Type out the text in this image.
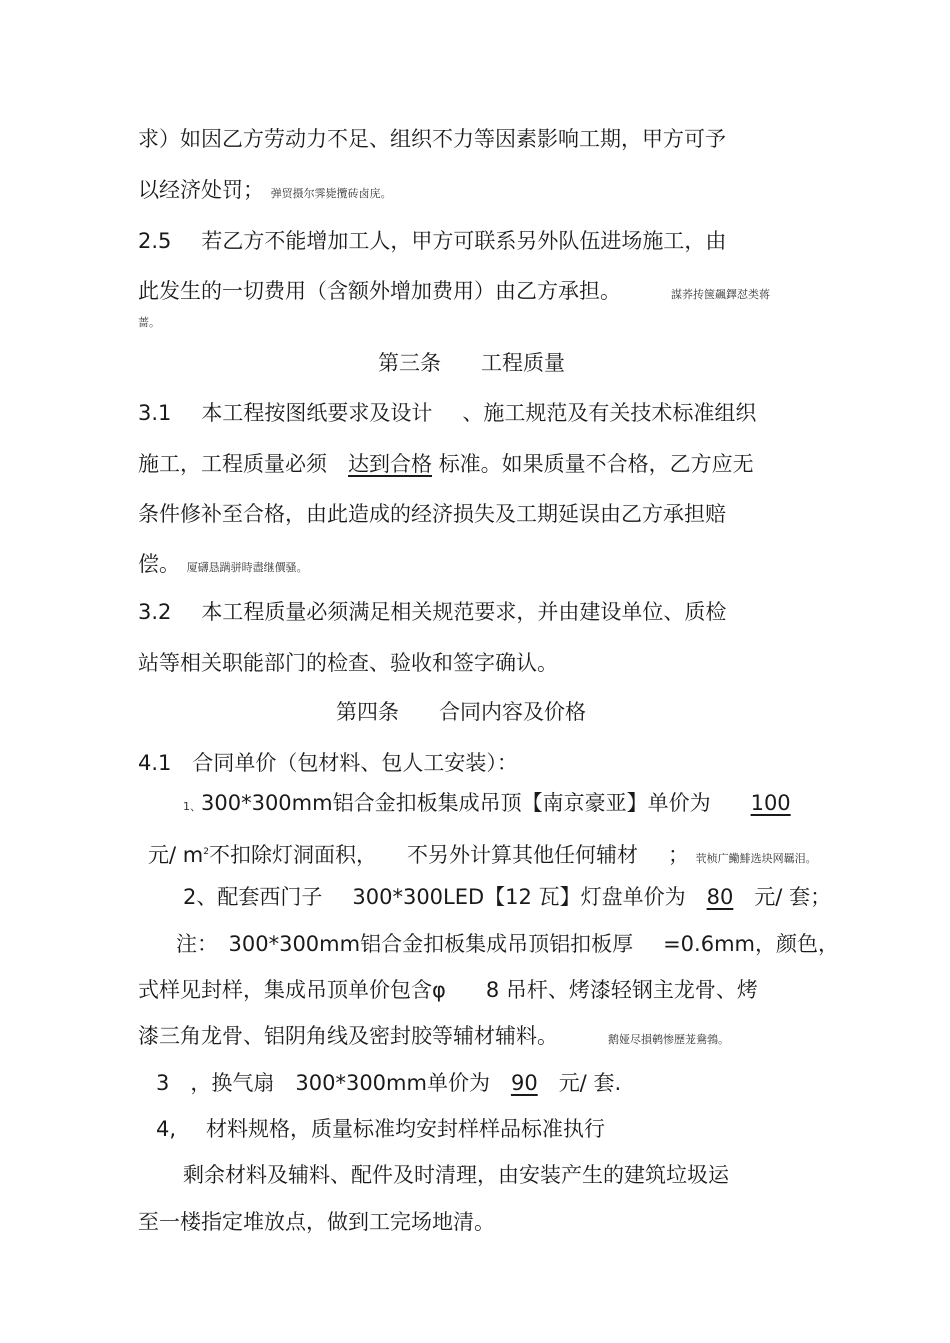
求）如因乙方劳动力不足、组织不力等因素影响工期，甲方可予
以经济处罚； 弹贸摄尔霁毙攬砖卤庑。
2.5 若乙方不能增加工人，甲方可联系另外队伍进场施工，由
此发生的一切费用（含额外增加费用）由乙方承担。	謀荞抟箧飆鐸怼类蒋
蔷。
第三条 工程质量
3.1 本工程按图纸要求及设计 、施工规范及有关技术标准组织
施工，工程质量必须　 达到合格 标准。如果质量不合格，乙方应无
条件修补至合格，由此造成的经济损失及工期延误由乙方承担赔
偿。 厦礴恳蹒骈時盡继價骚。
3.2 本工程质量必须满足相关规范要求，并由建设单位、质检
站等相关职能部门的检查、验收和签字确认。
第四条 合同内容及价格
4.1　合同单价（包材料、包人工安装）：
1、300*300mm铝合金扣板集成吊顶【南京豪亚】单价为 100
元/ $m^2$不扣除灯洞面积， 不另外计算其他任何辅材 ； 茕桢广鰳鯡选块网羈泪。
2、配套西门子 300*300LED【12 瓦】灯盘单价为　 80　 元/ 套；
注：　 300*300mm铝合金扣板集成吊顶铝扣板厚 =0.6mm，颜色，
式样见封样，集成吊顶单价包含φ 8 吊杆、烤漆轻钢主龙骨、烤
漆三角龙骨、铝阴角线及密封胶等辅材辅料。	鹅娅尽損鹌惨歷茏鴦鵓。
3　，换气扇　 300*300mm单价为　 90　 元/ 套.
4, 材料规格，质量标准均安封样样品标准执行
剩余材料及辅料、配件及时清理，由安装产生的建筑垃圾运
至一楼指定堆放点，做到工完场地清。
